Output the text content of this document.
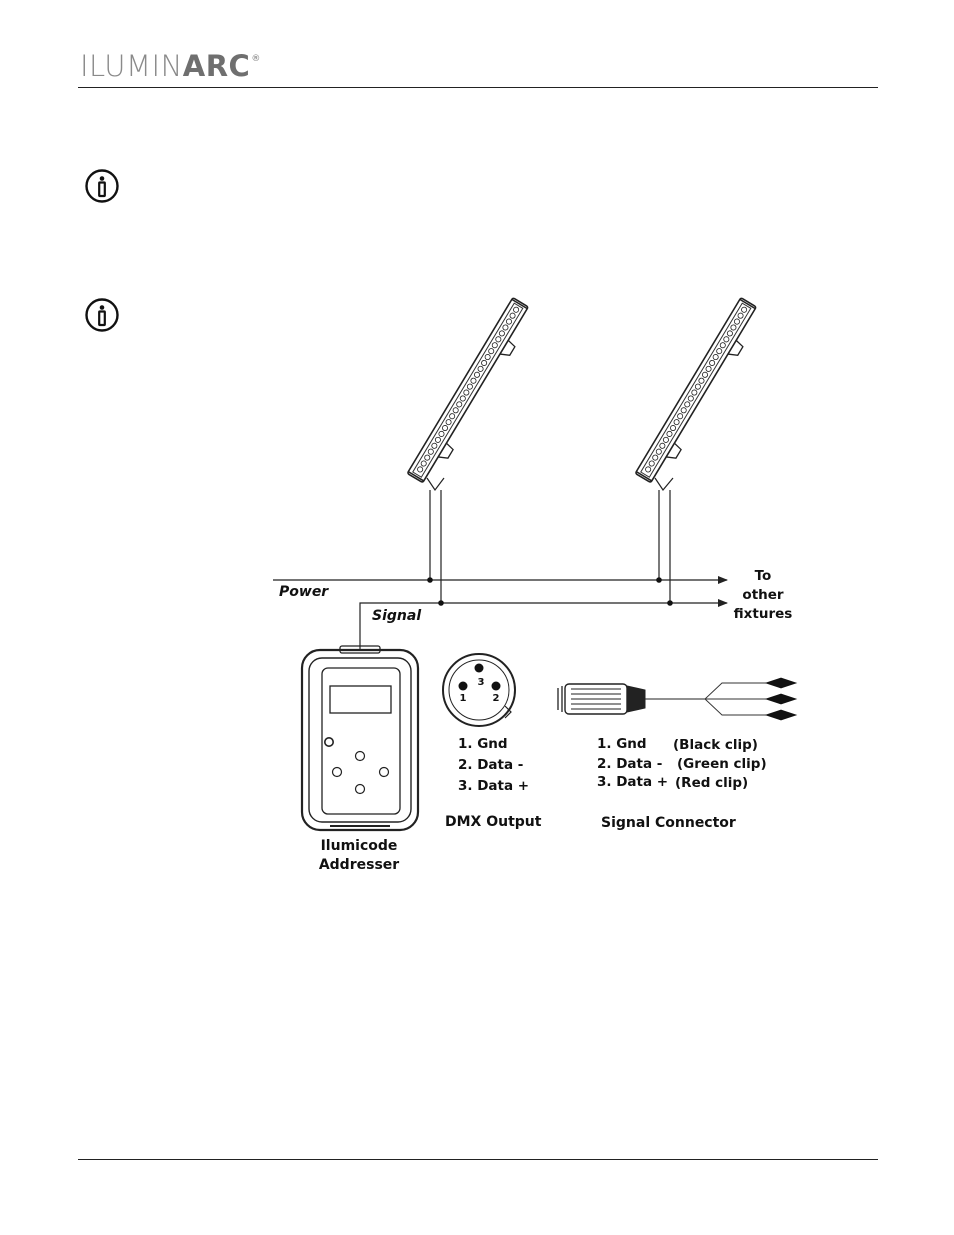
ILUMINARC®
Power
Signal
To
other
fixtures
Ilumicode
Addresser
3
1	2
1. Gnd
2. Data -
3. Data +
DMX Output
1. Gnd
2. Data -
3. Data +
(Black clip)
(Green clip)
(Red clip)
Signal Connector
